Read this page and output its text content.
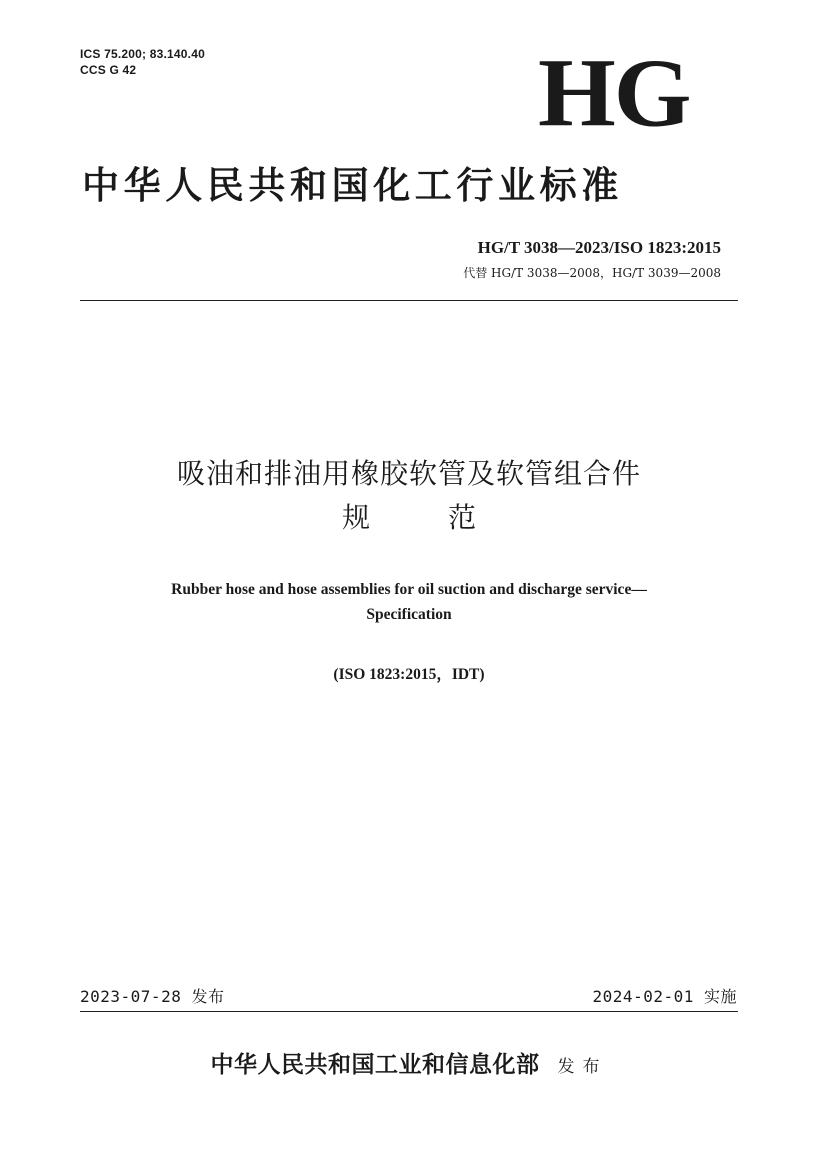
ICS 75.200; 83.140.40
CCS G 42	HG
中华人民共和国化工行业标准
HG/T 3038—2023/ISO 1823:2015
代替 HG/T 3038—2008，HG/T 3039—2008
吸油和排油用橡胶软管及软管组合件
规范
Rubber hose and hose assemblies for oil suction and discharge service—
Specification
(ISO 1823:2015，IDT)
2023-07-28 发布	2024-02-01 实施
中华人民共和国工业和信息化部 发布
